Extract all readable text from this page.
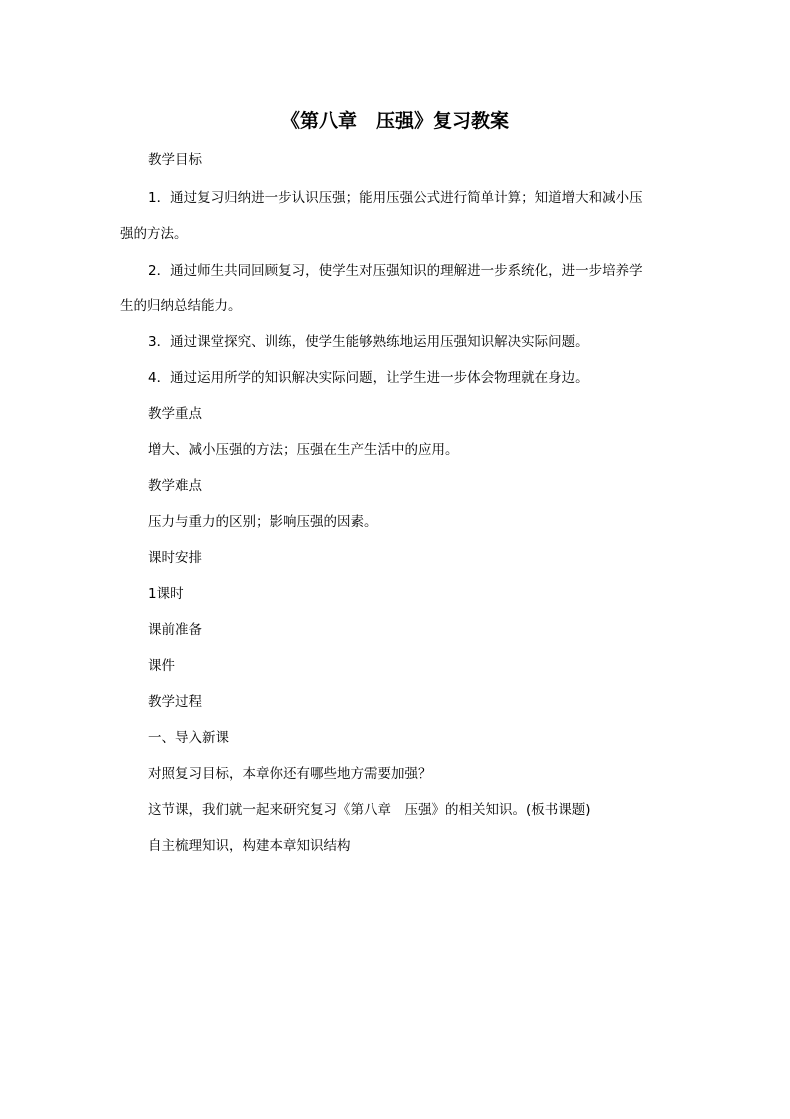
《第八章　压强》复习教案
教学目标
1．通过复习归纳进一步认识压强；能用压强公式进行简单计算；知道增大和减小压
强的方法。
2．通过师生共同回顾复习，使学生对压强知识的理解进一步系统化，进一步培养学
生的归纳总结能力。
3．通过课堂探究、训练，使学生能够熟练地运用压强知识解决实际问题。
4．通过运用所学的知识解决实际问题，让学生进一步体会物理就在身边。
教学重点
增大、减小压强的方法；压强在生产生活中的应用。
教学难点
压力与重力的区别；影响压强的因素。
课时安排
1课时
课前准备
课件
教学过程
一、导入新课
对照复习目标，本章你还有哪些地方需要加强？
这节课，我们就一起来研究复习《第八章　压强》的相关知识。(板书课题)
自主梳理知识，构建本章知识结构
